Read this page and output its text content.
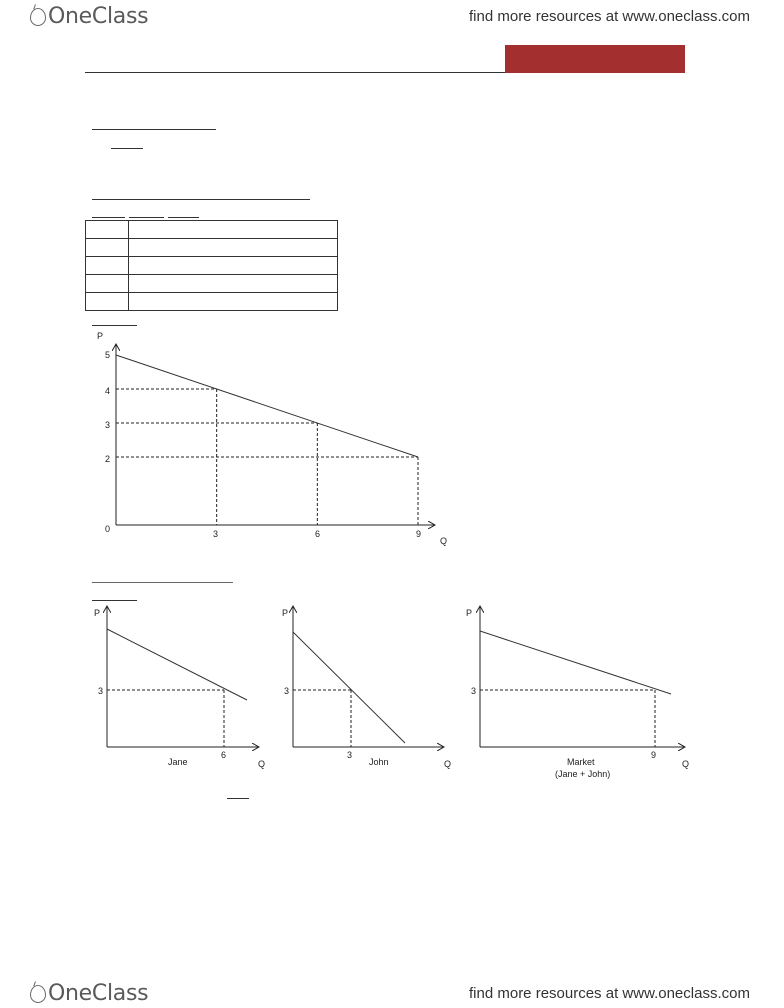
OneClass	find more resources at www.oneclass.com

P
Q
0
5
4
3
2
3	6	9
P
3
6
Jane	Q
P
3
3
John	Q
P
3
9
Market
(Jane + John)
Q
OneClass	find more resources at www.oneclass.com
